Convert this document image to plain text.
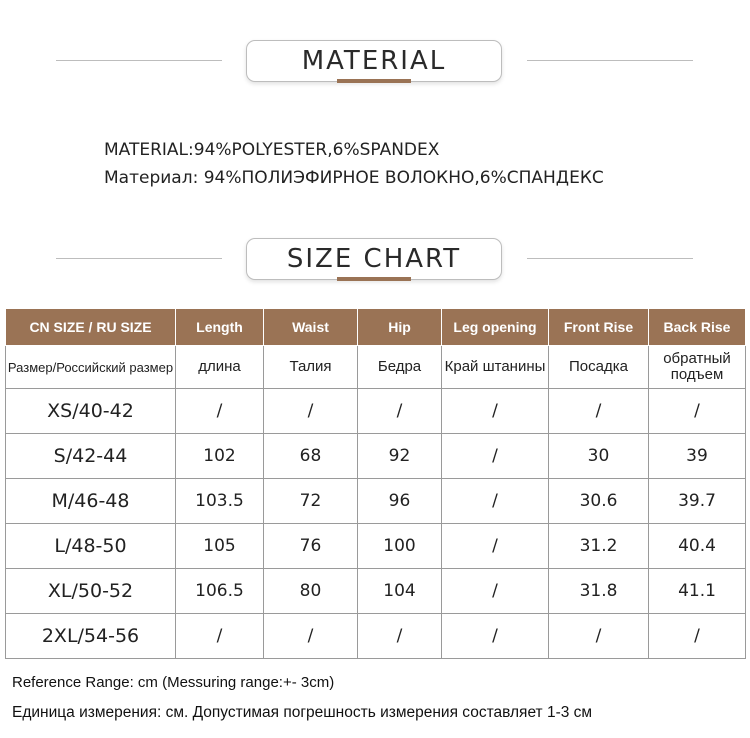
MATERIAL
MATERIAL:94%POLYESTER,6%SPANDEX
Материал: 94%ПОЛИЭФИРНОЕ ВОЛОКНО,6%СПАНДЕКС
SIZE CHART
CN SIZE / RU SIZE	Length	Waist	Hip	Leg opening	Front Rise	Back Rise
Размер/Российский размер	длина	Талия	Бедра	Край штанины	Посадка	обратный подъем
XS/40-42	/	/	/	/	/	/
S/42-44	102	68	92	/	30	39
M/46-48	103.5	72	96	/	30.6	39.7
L/48-50	105	76	100	/	31.2	40.4
XL/50-52	106.5	80	104	/	31.8	41.1
2XL/54-56	/	/	/	/	/	/
Reference Range: cm (Messuring range:+- 3cm)
Единица измерения: см. Допустимая погрешность измерения составляет 1-3 см
